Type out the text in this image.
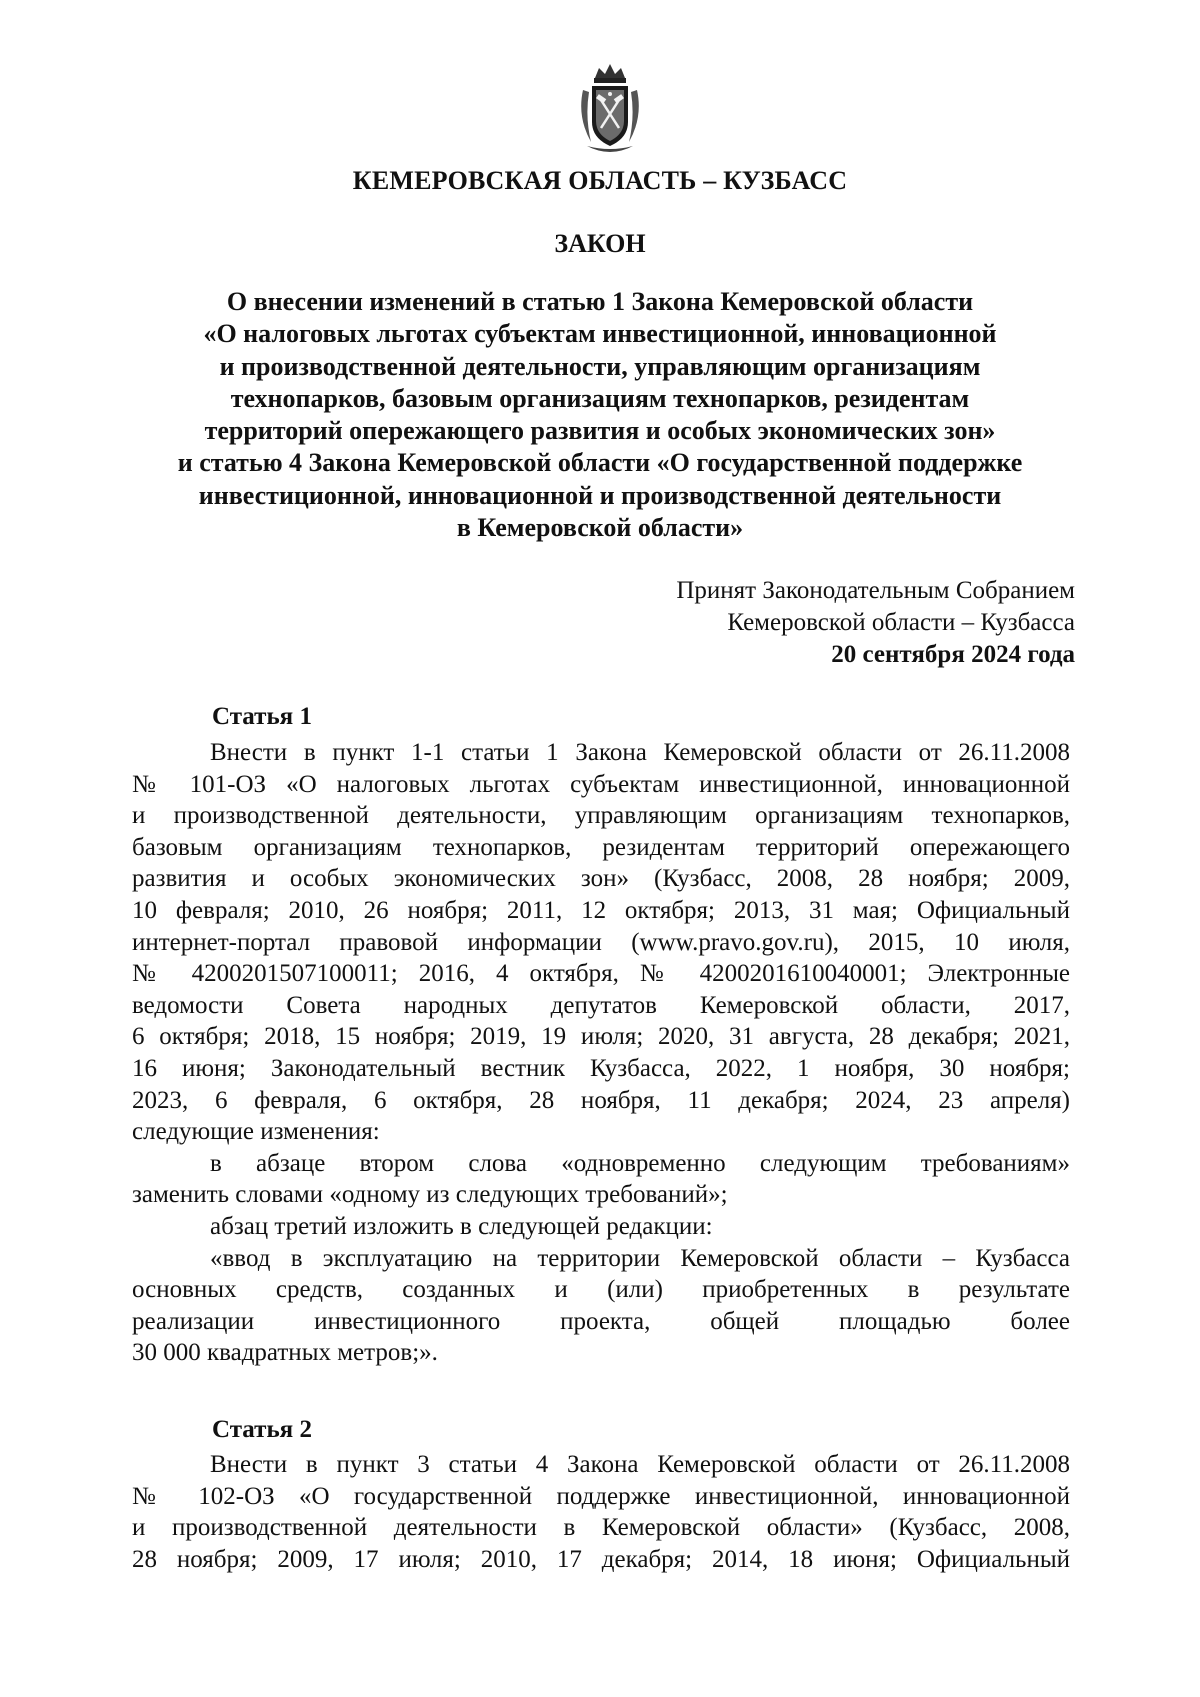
КЕМЕРОВСКАЯ ОБЛАСТЬ – КУЗБАСС
ЗАКОН
О внесении изменений в статью 1 Закона Кемеровской области
«О налоговых льготах субъектам инвестиционной, инновационной
и производственной деятельности, управляющим организациям
технопарков, базовым организациям технопарков, резидентам
территорий опережающего развития и особых экономических зон»
и статью 4 Закона Кемеровской области «О государственной поддержке
инвестиционной, инновационной и производственной деятельности
в Кемеровской области»
Принят Законодательным Собранием
Кемеровской области – Кузбасса
20 сентября 2024 года
Статья 1
Внести в пункт 1-1 статьи 1 Закона Кемеровской области от 26.11.2008
№ 101-ОЗ «О налоговых льготах субъектам инвестиционной, инновационной
и производственной деятельности, управляющим организациям технопарков,
базовым организациям технопарков, резидентам территорий опережающего
развития и особых экономических зон» (Кузбасс, 2008, 28 ноября; 2009,
10 февраля; 2010, 26 ноября; 2011, 12 октября; 2013, 31 мая; Официальный
интернет-портал правовой информации (www.pravo.gov.ru), 2015, 10 июля,
№ 4200201507100011; 2016, 4 октября, № 4200201610040001; Электронные
ведомости Совета народных депутатов Кемеровской области, 2017,
6 октября; 2018, 15 ноября; 2019, 19 июля; 2020, 31 августа, 28 декабря; 2021,
16 июня; Законодательный вестник Кузбасса, 2022, 1 ноября, 30 ноября;
2023, 6 февраля, 6 октября, 28 ноября, 11 декабря; 2024, 23 апреля)
следующие изменения:
в абзаце втором слова «одновременно следующим требованиям»
заменить словами «одному из следующих требований»;
абзац третий изложить в следующей редакции:
«ввод в эксплуатацию на территории Кемеровской области – Кузбасса
основных средств, созданных и (или) приобретенных в результате
реализации инвестиционного проекта, общей площадью более
30 000 квадратных метров;».
Статья 2
Внести в пункт 3 статьи 4 Закона Кемеровской области от 26.11.2008
№ 102-ОЗ «О государственной поддержке инвестиционной, инновационной
и производственной деятельности в Кемеровской области» (Кузбасс, 2008,
28 ноября; 2009, 17 июля; 2010, 17 декабря; 2014, 18 июня; Официальный
